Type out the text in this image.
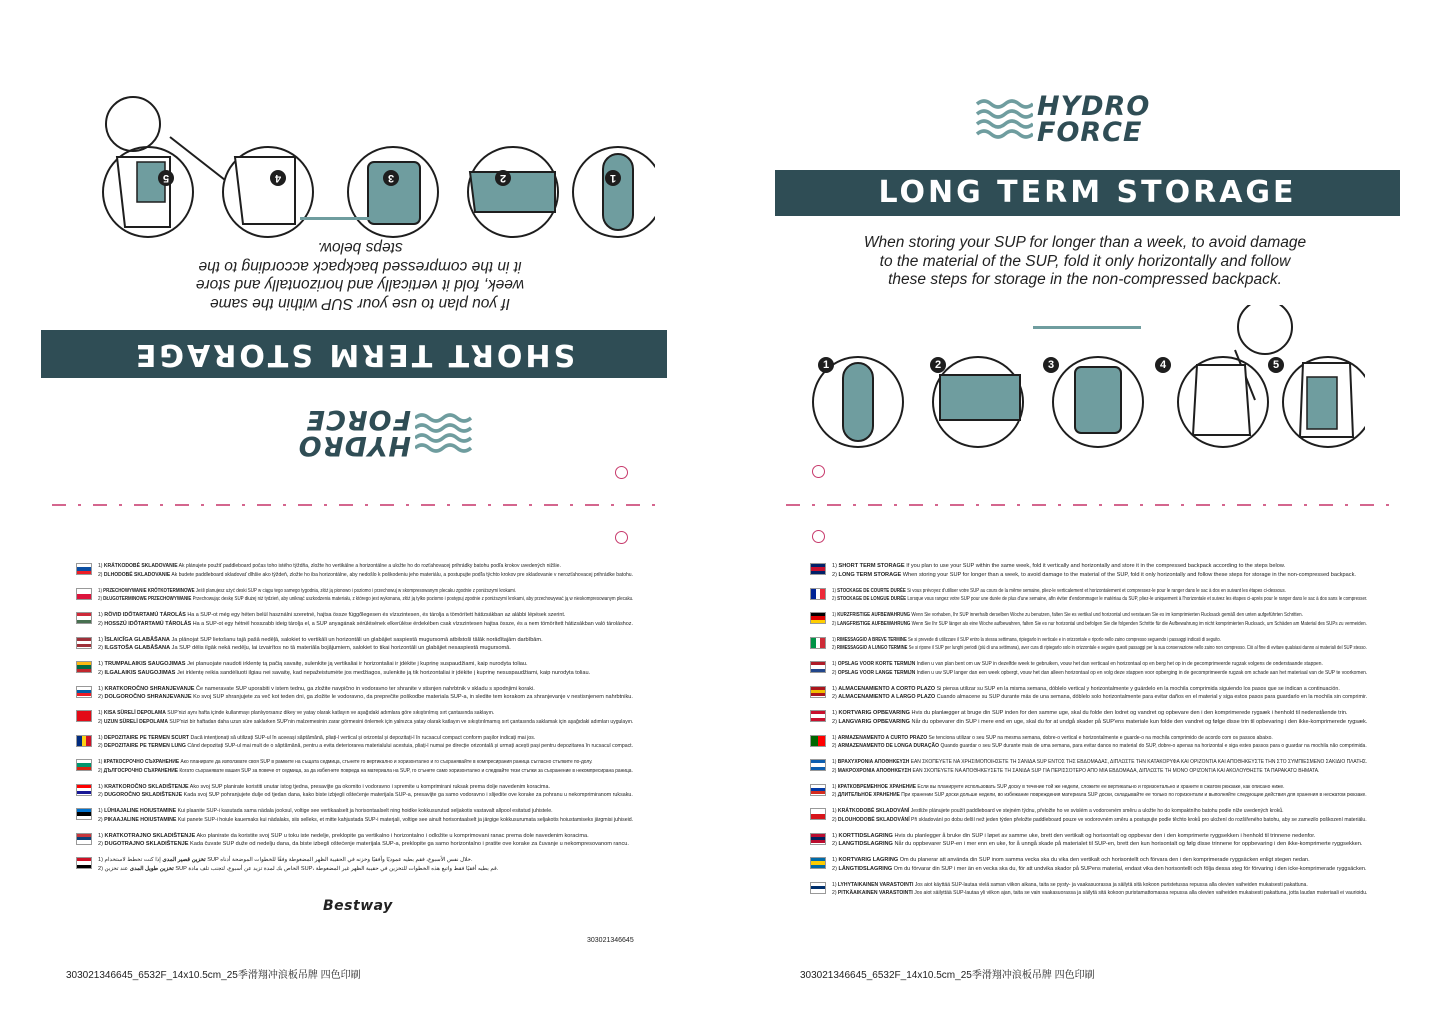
1
2
3
4
5
If you plan to use your SUP within the same week, fold it vertically and horizontally and store it in the compressed backpack according to the steps below.
SHORT TERM STORAGE
HYDRO
FORCE
1) KRÁTKODOBÉ SKLADOVANIE Ak plánujete použiť paddleboard počas toho istého týždňa, zložte ho vertikálne a horizontálne a uložte ho do rozťahovacej prihrádky batohu podľa krokov uvedených nižšie.
2) DLHODOBÉ SKLADOVANIE Ak budete paddleboard skladovať dlhšie ako týždeň, zložte ho iba horizontálne, aby nedošlo k poškodeniu jeho materiálu, a postupujte podľa týchto krokov pre skladovanie v nerozťahovacej prihrádke batohu.
1) PRZECHOWYWANIE KRÓTKOTERMINOWE Jeśli planujesz użyć deski SUP w ciągu tego samego tygodnia, złóż ją pionowo i poziomo i przechowuj w skompresowanym plecaku zgodnie z poniższymi krokami.
2) DŁUGOTERMINOWE PRZECHOWYWANIE Przechowując deskę SUP dłużej niż tydzień, aby uniknąć uszkodzenia materiału, z którego jest wykonana, złóż ją tylko poziomo i postępuj zgodnie z poniższymi krokami, aby przechowywać ją w nieskompresowanym plecaku.
1) RÖVID IDŐTARTAMÚ TÁROLÁS Ha a SUP-ot még egy héten belül használni szeretné, hajtsa össze függőlegesen és vízszintesen, és tárolja a tömörített hátizsákban az alábbi lépések szerint.
2) HOSSZÚ IDŐTARTAMÚ TÁROLÁS Ha a SUP-ot egy hétnél hosszabb ideig tárolja el, a SUP anyagának sérülésének elkerülése érdekében csak vízszintesen hajtsa össze, és a nem tömörített hátizsákban való tároláshoz.
1) ĪSLAICĪGA GLABĀŠANA Ja plānojat SUP lietošanu tajā pašā nedēļā, salokiet to vertikāli un horizontāli un glabājiet saspiestā mugursomā atbilstoši tālāk norādītajām darbībām.
2) ILGSTOŠA GLABĀŠANA Ja SUP dēlis ilgāk nekā nedēļu, lai izvairītos no tā materiāla bojājumiem, salokiet to tikai horizontāli un glabājiet nesaspiestā mugursomā.
1) TRUMPALAIKIS SAUGOJIMAS Jei planuojate naudoti irklentę tą pačią savaitę, sulenkite ją vertikaliai ir horizontaliai ir įdėkite į kuprinę suspaudžiami, kaip nurodyta toliau.
2) ILGALAIKIS SAUGOJIMAS Jei irklentę reikia sandėliuoti ilgiau nei savaitę, kad nepažeistumėte jos medžiagos, sulenkite ją tik horizontaliai ir įdėkite į kuprinę nesuspaudžiami, kaip nurodyta toliau.
1) KRATKOROČNO SHRANJEVANJE Če nameravate SUP uporabiti v istem tednu, ga zložite navpično in vodoravno ter shranite v stisnjen nahrbtnik v skladu s spodnjimi koraki.
2) DOLGOROČNO SHRANJEVANJE Ko svoj SUP shranjujete za več kot teden dni, ga zložite le vodoravno, da preprečite poškodbe materiala SUP-a, in sledite tem korakom za shranjevanje v nestisnjenem nahrbtniku.
1) KISA SÜRELİ DEPOLAMA SUP'nizi aynı hafta içinde kullanmayı planlıyorsanız dikey ve yatay olarak katlayın ve aşağıdaki adımlara göre sıkıştırılmış sırt çantasında saklayın.
2) UZUN SÜRELİ DEPOLAMA SUP'nizi bir haftadan daha uzun süre saklarken SUP'nin malzemesinin zarar görmesini önlemek için yalnızca yatay olarak katlayın ve sıkıştırılmamış sırt çantasında saklamak için aşağıdaki adımları uygulayın.
1) DEPOZITAIRE PE TERMEN SCURT Dacă intenționați să utilizați SUP-ul în aceeași săptămână, pliați-l vertical și orizontal și depozitați-l în rucsacul compact conform pașilor indicați mai jos.
2) DEPOZITAIRE PE TERMEN LUNG Când depozitați SUP-ul mai mult de o săptămână, pentru a evita deteriorarea materialului acestuia, pliați-l numai pe direcție orizontală și urmați acești pași pentru depozitarea în rucsacul compact.
1) КРАТКОСРОЧНО СЪХРАНЕНИЕ Ако планирате да използвате своя SUP в рамките на същата седмица, сгънете го вертикално и хоризонтално и го съхранявайте в компресирания раница съгласно стъпките по-долу.
2) ДЪЛГОСРОЧНО СЪХРАНЕНИЕ Когато съхранявате вашия SUP за повече от седмица, за да избегнете повреда на материала на SUP, го сгънете само хоризонтално и следвайте тези стъпки за съхранение в некомпресирана раница.
1) KRATKOROČNO SKLADIŠTENJE Ako svoj SUP planirate koristiti unutar istog tjedna, presavijte ga okomito i vodoravno i spremite u komprimirani ruksak prema dolje navedenim koracima.
2) DUGOROČNO SKLADIŠTENJE Kada svoj SUP pohranjujete dulje od tjedan dana, kako biste izbjegli oštećenje materijala SUP-a, presavijte ga samo vodoravno i slijedite ove korake za pohranu u nekomprimiranom ruksaku.
1) LÜHIAJALINE HOIUSTAMINE Kui plaanite SUP-i kasutada sama nädala jooksul, voltige see vertikaalselt ja horisontaalselt ning hoidke kokkusurutud seljakotis vastavalt allpool esitatud juhistele.
2) PIKAAJALINE HOIUSTAMINE Kui panete SUP-i hoiule kauemaks kui nädalaks, siis selleks, et mitte kahjustada SUP-i materjali, voltige see ainult horisontaalselt ja järgige kokkusurumata seljakotis hoiustamiseks järgmisi juhiseid.
1) KRATKOTRAJNO SKLADIŠTENJE Ako planirate da koristite svoj SUP u toku iste nedelje, preklopite ga vertikalno i horizontalno i odložite u komprimovani ranac prema dole navedenim koracima.
2) DUGOTRAJNO SKLADIŠTENJE Kada čuvate SUP duže od nedelju dana, da biste izbegli oštećenje materijala SUP-a, preklopite ga samo horizontalno i pratite ove korake za čuvanje u nekompresovanom rancu.
1)	تخزين قصير المدى إذا كنت تخطط لاستخدام SUP خلال نفس الأسبوع، فقم بطيه عموديًا وأفقيًا وخزنه في الحقيبة الظهر المضغوطة وفقًا للخطوات الموضحة أدناه.
2)	تخزين طويل المدى عند تخزين SUP الخاص بك لمدة تزيد عن أسبوع، لتجنب تلف مادة SUP، قم بطيه أفقيًا فقط واتبع هذه الخطوات للتخزين في حقيبة الظهر غير المضغوطة.
Bestway
303021346645
303021346645_6532F_14x10.5cm_25季滑翔冲浪板吊牌 四色印刷
HYDRO
FORCE
LONG TERM STORAGE
When storing your SUP for longer than a week, to avoid damage to the material of the SUP, fold it only horizontally and follow these steps for storage in the non-compressed backpack.
1	2	3	4	5
1) SHORT TERM STORAGE If you plan to use your SUP within the same week, fold it vertically and horizontally and store it in the compressed backpack according to the steps below.
2) LONG TERM STORAGE When storing your SUP for longer than a week, to avoid damage to the material of the SUP, fold it only horizontally and follow these steps for storage in the non-compressed backpack.
1) STOCKAGE DE COURTE DURÉE Si vous prévoyez d'utiliser votre SUP au cours de la même semaine, pliez-le verticalement et horizontalement et compressez-le pour le ranger dans le sac à dos en suivant les étapes ci-dessous.
2) STOCKAGE DE LONGUE DURÉE Lorsque vous rangez votre SUP pour une durée de plus d'une semaine, afin éviter d'endommager le matériau du SUP, pliez-le uniquement à l'horizontale et suivez les étapes ci-après pour le ranger dans le sac à dos sans le compresser.
1) KURZFRISTIGE AUFBEWAHRUNG Wenn Sie vorhaben, Ihr SUP innerhalb derselben Woche zu benutzen, falten Sie es vertikal und horizontal und verstauen Sie es im komprimierten Rucksack gemäß den unten aufgeführten Schritten.
2) LANGFRISTIGE AUFBEWAHRUNG Wenn Sie Ihr SUP länger als eine Woche aufbewahren, falten Sie es nur horizontal und befolgen Sie die folgenden Schritte für die Aufbewahrung im nicht komprimierten Rucksack, um Schäden am Material des SUPs zu vermeiden.
1) RIMESSAGGIO A BREVE TERMINE Se si prevede di utilizzare il SUP entro la stessa settimana, ripiegarlo in verticale e in orizzontale e riporlo nello zaino compresso seguendo i passaggi indicati di seguito.
2) RIMESSAGGIO A LUNGO TERMINE Se si ripone il SUP per lunghi periodi (più di una settimana), aver cura di ripiegarlo solo in orizzontale e seguire questi passaggi per la sua conservazione nello zaino non compresso. Ciò al fine di evitare qualsiasi danno ai materiali del SUP stesso.
1) OPSLAG VOOR KORTE TERMIJN Indien u van plan bent om uw SUP in dezelfde week te gebruiken, vouw het dan verticaal en horizontaal op en berg het op in de gecomprimeerde rugzak volgens de onderstaande stappen.
2) OPSLAG VOOR LANGE TERMIJN Indien u uw SUP langer dan een week opbergt, vouw het dan alleen horizontaal op en volg deze stappen voor opberging in de gecomprimeerde rugzak om schade aan het materiaal van de SUP te voorkomen.
1) ALMACENAMIENTO A CORTO PLAZO Si piensa utilizar su SUP en la misma semana, dóblelo vertical y horizontalmente y guárdelo en la mochila comprimida siguiendo los pasos que se indican a continuación.
2) ALMACENAMIENTO A LARGO PLAZO Cuando almacene su SUP durante más de una semana, dóblelo solo horizontalmente para evitar daños en el material y siga estos pasos para guardarlo en la mochila sin comprimir.
1) KORTVARIG OPBEVARING Hvis du planlægger at bruge din SUP inden for den samme uge, skal du folde den lodret og vandret og opbevare den i den komprimerede rygsæk i henhold til nedenstående trin.
2) LANGVARIG OPBEVARING Når du opbevarer din SUP i mere end en uge, skal du for at undgå skader på SUP'ens materiale kun folde den vandret og følge disse trin til opbevaring i den ikke-komprimerede rygsæk.
1) ARMAZENAMENTO A CURTO PRAZO Se tenciona utilizar o seu SUP na mesma semana, dobre-o vertical e horizontalmente e guarde-o na mochila comprimido de acordo com os passos abaixo.
2) ARMAZENAMENTO DE LONGA DURAÇÃO Quando guardar o seu SUP durante mais de uma semana, para evitar danos no material do SUP, dobre-o apenas na horizontal e siga estes passos para o guardar na mochila não comprimida.
1) ΒΡΑΧΥΧΡΟΝΙΑ ΑΠΟΘΗΚΕΥΣΗ ΕΑΝ ΣΚΟΠΕΥΕΤΕ ΝΑ ΧΡΗΣΙΜΟΠΟΙΗΣΕΤΕ ΤΗ ΣΑΝΙΔΑ SUP ΕΝΤΟΣ ΤΗΣ ΕΒΔΟΜΑΔΑΣ, ΔΙΠΛΩΣΤΕ ΤΗΝ ΚΑΤΑΚΟΡΥΦΑ ΚΑΙ ΟΡΙΖΟΝΤΙΑ ΚΑΙ ΑΠΟΘΗΚΕΥΣΤΕ ΤΗΝ ΣΤΟ ΣΥΜΠΙΕΣΜΕΝΟ ΣΑΚΙΔΙΟ ΠΛΑΤΗΣ.
2) ΜΑΚΡΟΧΡΟΝΙΑ ΑΠΟΘΗΚΕΥΣΗ ΕΑΝ ΣΚΟΠΕΥΕΤΕ ΝΑ ΑΠΟΘΗΚΕΥΣΕΤΕ ΤΗ ΣΑΝΙΔΑ SUP ΓΙΑ ΠΕΡΙΣΣΟΤΕΡΟ ΑΠΟ ΜΙΑ ΕΒΔΟΜΑΔΑ, ΔΙΠΛΩΣΤΕ ΤΗ ΜΟΝΟ ΟΡΙΖΟΝΤΙΑ ΚΑΙ ΑΚΟΛΟΥΘΗΣΤΕ ΤΑ ΠΑΡΑΚΑΤΩ ΒΗΜΑΤΑ.
1) КРАТКОВРЕМЕННОЕ ХРАНЕНИЕ Если вы планируете использовать SUP доску в течение той же недели, сложите ее вертикально и горизонтально и храните в сжатом рюкзаке, как описано ниже.
2) ДЛИТЕЛЬНОЕ ХРАНЕНИЕ При хранении SUP доски дольше недели, во избежание повреждения материала SUP доски, складывайте ее только по горизонтали и выполняйте следующие действия для хранения в несжатом рюкзаке.
1) KRÁTKODOBÉ SKLADOVÁNÍ Jestliže plánujete použít paddleboard ve stejném týdnu, přeložte ho ve svislém a vodorovném směru a uložte ho do kompaktního batohu podle níže uvedených kroků.
2) DLOUHODOBÉ SKLADOVÁNÍ Při skladování po dobu delší než jeden týden přeložte paddleboard pouze ve vodorovném směru a postupujte podle těchto kroků pro uložení do rozšířeného batohu, aby se zamezilo poškození materiálu.
1) KORTTIDSLAGRING Hvis du planlegger å bruke din SUP i løpet av samme uke, brett den vertikalt og horisontalt og oppbevar den i den komprimerte ryggsekken i henhold til trinnene nedenfor.
2) LANGTIDSLAGRING Når du oppbevarer SUP-en i mer enn en uke, for å unngå skade på materialet til SUP-en, brett den kun horisontalt og følg disse trinnene for oppbevaring i den ikke-komprimerte ryggsekken.
1) KORTVARIG LAGRING Om du planerar att använda din SUP inom samma vecka ska du vika den vertikalt och horisontellt och förvara den i den komprimerade ryggsäcken enligt stegen nedan.
2) LÅNGTIDSLAGRING Om du förvarar din SUP i mer än en vecka ska du, för att undvika skador på SUPens material, endast vika den horisontellt och följa dessa steg för förvaring i den icke-komprimerade ryggsäcken.
1) LYHYTAIKAINEN VARASTOINTI Jos aiot käyttää SUP-lautaa vielä saman viikon aikana, taita se pysty- ja vaakasuorassa ja säilytä sitä kokoon puristetussa repussa alla olevien vaiheiden mukaisesti pakattuna.
2) PITKÄAIKAINEN VARASTOINTI Jos aiot säilyttää SUP-lautaa yli viikon ajan, taita se vain vaakasuorassa ja säilytä sitä kokoon puristamattomassa repussa alla olevien vaiheiden mukaisesti pakattuna, jotta laudan materiaali ei vaurioidu.
303021346645_6532F_14x10.5cm_25季滑翔冲浪板吊牌 四色印刷
